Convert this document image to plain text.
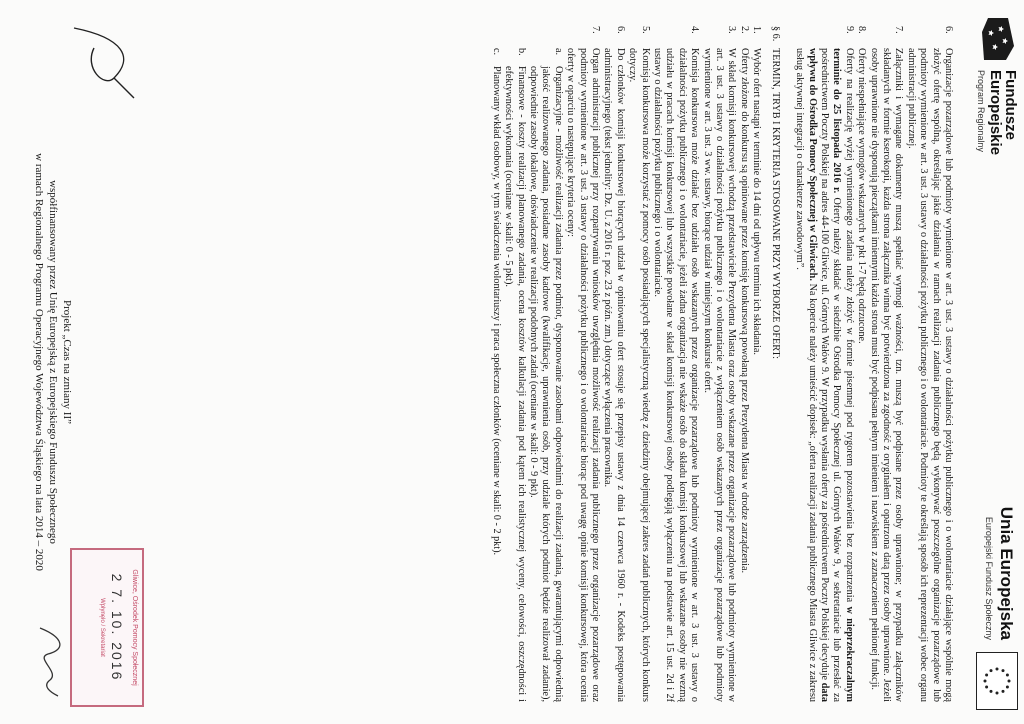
Fundusze
Europejskie
Program Regionalny
Unia Europejska
Europejski Fundusz Społeczny
6.
Organizacje pozarządowe lub podmioty wymienione w art. 3 ust. 3 ustawy o działalności pożytku publicznego i o wolontariacie działające wspólnie mogą złożyć ofertę wspólną, określając jakie działania w ramach realizacji zadania publicznego będą wykonywać poszczególne organizacje pozarządowe lub podmioty wymienione w art. 3 ust. 3 ustawy o działalności pożytku publicznego i o wolontariacie. Podmioty te określają sposób ich reprezentacji wobec organu administracji publicznej.
7.
Załączniki i wymagane dokumenty muszą spełniać wymogi ważności, tzn. muszą być podpisane przez osoby uprawnione; w przypadku załączników składanych w formie kserokopii, każda strona załącznika winna być potwierdzona za zgodność z oryginałem i opatrzona datą przez osoby uprawnione. Jeżeli osoby uprawnione nie dysponują pieczątkami imiennymi każda strona musi być podpisana pełnym imieniem i nazwiskiem z zaznaczeniem pełnionej funkcji.
8.
Oferty niespełniające wymogów wskazanych w pkt 1-7 będą odrzucone.
9.
Oferty na realizację wyżej wymienionego zadania należy złożyć w formie pisemnej pod rygorem pozostawienia bez rozpatrzenia w nieprzekraczalnym terminie do 25 listopada 2016 r. Oferty należy składać w siedzibie Ośrodka Pomocy Społecznej ul. Górnych Wałów 9, w sekretariacie lub przesłać za pośrednictwem Poczty Polskiej na adres 44-100 Gliwice, ul. Górnych Wałów 9. W przypadku wysłania oferty za pośrednictwem Poczty Polskiej decyduje data wpływu do Ośrodka Pomocy Społecznej w Gliwicach. Na kopercie należy umieścić dopisek: „oferta realizacji zadania publicznego Miasta Gliwice z zakresu usług aktywnej integracji o charakterze zawodowym”.
§ 6.
TERMIN, TRYB I KRYTERIA STOSOWANE PRZY WYBORZE OFERT:
1.
Wybór ofert nastąpi w terminie do 14 dni od upływu terminu ich składania.
2.
Oferty złożone do konkursu są opiniowane przez komisję konkursową powołaną przez Prezydenta Miasta w drodze zarządzenia.
3.
W skład komisji konkursowej wchodzą przedstawiciele Prezydenta Miasta oraz osoby wskazane przez organizacje pozarządowe lub podmioty wymienione w art. 3 ust. 3 ustawy o działalności pożytku publicznego i o wolontariacie z wyłączeniem osób wskazanych przez organizacje pozarządowe lub podmioty wymienione w art. 3 ust. 3 ww. ustawy, biorące udział w niniejszym konkursie ofert.
4.
Komisja konkursowa może działać bez udziału osób wskazanych przez organizacje pozarządowe lub podmioty wymienione w art. 3 ust. 3 ustawy o działalności pożytku publicznego i o wolontariacie, jeżeli żadna organizacja nie wskaże osób do składu komisji konkursowej lub wskazane osoby nie wezmą udziału w pracach komisji konkursowej lub wszystkie powołane w skład komisji konkursowej osoby podlegają wyłączeniu na podstawie art. 15 ust. 2d i 2f ustawy o działalności pożytku publicznego i o wolontariacie.
5.
Komisja konkursowa może korzystać z pomocy osób posiadających specjalistyczną wiedzę z dziedziny obejmującej zakres zadań publicznych, których konkurs dotyczy.
6.
Do członków komisji konkursowej biorących udział w opiniowaniu ofert stosuje się przepisy ustawy z dnia 14 czerwca 1960 r. - Kodeks postępowania administracyjnego (tekst jednolity: Dz. U. z 2016 r. poz. 23 z późn. zm.) dotyczące wyłączenia pracownika.
7.
Organ administracji publicznej przy rozpatrywaniu wniosków uwzględnia możliwość realizacji zadania publicznego przez organizacje pozarządowe oraz podmioty wymienione w art. 3 ust. 3 ustawy o działalności pożytku publicznego i o wolontariacie biorąc pod uwagę opinie komisji konkursowej, która ocenia oferty w oparciu o następujące kryteria oceny:
a.
Organizacyjne - możliwość realizacji zadania przez podmiot, dysponowanie zasobami odpowiednimi do realizacji zadania, gwarantującymi odpowiednią jakość realizowanego zadania, posiadane zasoby kadrowe (kwalifikacje, uprawnienia osób, przy udziale których podmiot będzie realizował zadanie), odpowiednie zasoby lokalowe, doświadczenie w realizacji podobnych zadań (oceniane w skali: 0 - 9 pkt).
b.
Finansowe - koszty realizacji planowanego zadania, ocena kosztów kalkulacji zadania pod kątem ich realistycznej wyceny, celowości, oszczędności i efektywności wykonania (oceniane w skali: 0 - 5 pkt).
c.
Planowany wkład osobowy, w tym świadczenia wolontariuszy i praca społeczna członków (oceniane w skali: 0 - 2 pkt).
Gliwice, Ośrodek Pomocy Społecznej
2 7. 10. 2016
Wpłynęło / Sekretariat
Projekt „Czas na zmiany II”
współfinansowany przez Unię Europejską z Europejskiego Funduszu Społecznego
w ramach Regionalnego Programu Operacyjnego Województwa Śląskiego na lata 2014 – 2020
